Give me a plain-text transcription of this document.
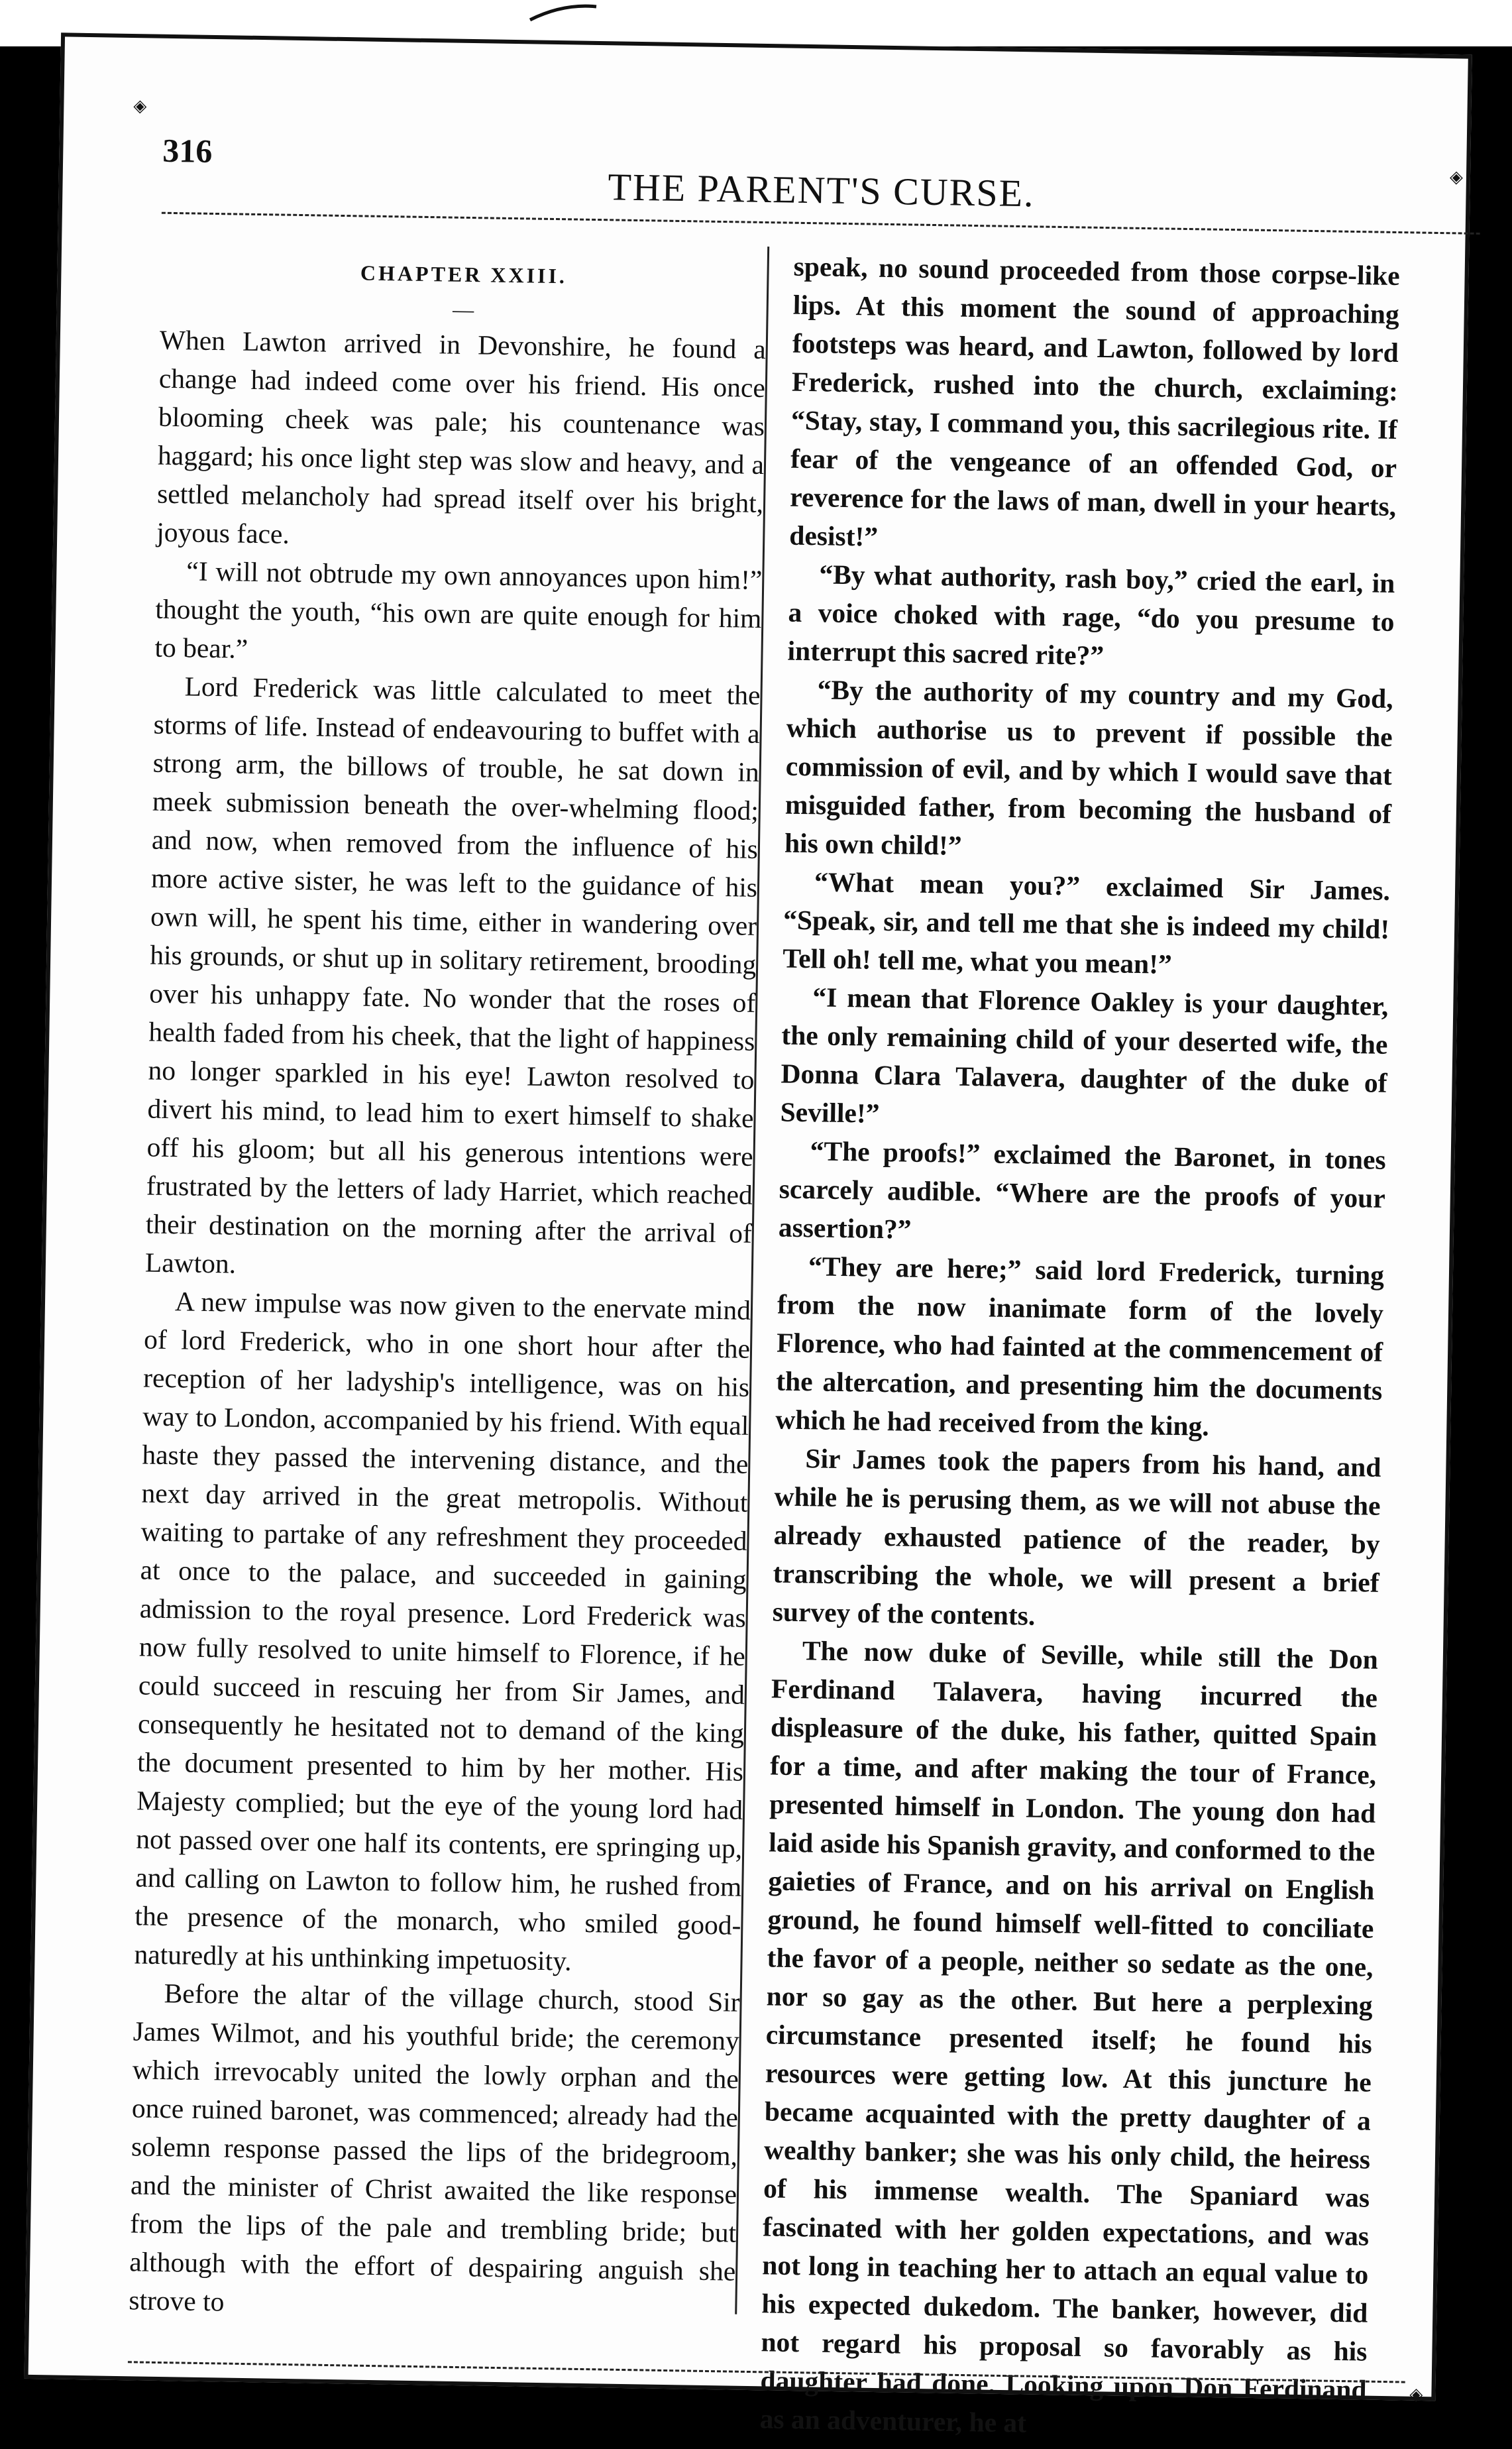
◈
◈
◈
316
THE PARENT'S CURSE.
CHAPTER XXIII.
—

When Lawton arrived in Devonshire, he found a change had indeed come over his friend. His once blooming cheek was pale; his countenance was haggard; his once light step was slow and heavy, and a settled melancholy had spread itself over his bright, joyous face.

“I will not obtrude my own annoyances upon him!” thought the youth, “his own are quite enough for him to bear.”

Lord Frederick was little calculated to meet the storms of life. Instead of endeavouring to buffet with a strong arm, the billows of trouble, he sat down in meek submission beneath the over-whelming flood; and now, when removed from the influence of his more active sister, he was left to the guidance of his own will, he spent his time, either in wandering over his grounds, or shut up in solitary retirement, brooding over his unhappy fate. No wonder that the roses of health faded from his cheek, that the light of happiness no longer sparkled in his eye! Lawton resolved to divert his mind, to lead him to exert himself to shake off his gloom; but all his generous intentions were frustrated by the letters of lady Harriet, which reached their destination on the morning after the arrival of Lawton.

A new impulse was now given to the enervate mind of lord Frederick, who in one short hour after the reception of her ladyship's intelligence, was on his way to London, accompanied by his friend. With equal haste they passed the intervening distance, and the next day arrived in the great metropolis. Without waiting to partake of any refreshment they proceeded at once to the palace, and succeeded in gaining admission to the royal presence. Lord Frederick was now fully resolved to unite himself to Florence, if he could succeed in rescuing her from Sir James, and consequently he hesitated not to demand of the king the document presented to him by her mother. His Majesty complied; but the eye of the young lord had not passed over one half its contents, ere springing up, and calling on Lawton to follow him, he rushed from the presence of the monarch, who smiled good-naturedly at his unthinking impetuosity.

Before the altar of the village church, stood Sir James Wilmot, and his youthful bride; the ceremony which irrevocably united the lowly orphan and the once ruined baronet, was commenced; already had the solemn response passed the lips of the bridegroom, and the minister of Christ awaited the like response from the lips of the pale and trembling bride; but although with the effort of despairing anguish she strove to

speak, no sound proceeded from those corpse-like lips. At this moment the sound of approaching footsteps was heard, and Lawton, followed by lord Frederick, rushed into the church, exclaiming: “Stay, stay, I command you, this sacrilegious rite. If fear of the vengeance of an offended God, or reverence for the laws of man, dwell in your hearts, desist!”

“By what authority, rash boy,” cried the earl, in a voice choked with rage, “do you presume to interrupt this sacred rite?”

“By the authority of my country and my God, which authorise us to prevent if possible the commission of evil, and by which I would save that misguided father, from becoming the husband of his own child!”

“What mean you?” exclaimed Sir James. “Speak, sir, and tell me that she is indeed my child! Tell oh! tell me, what you mean!”

“I mean that Florence Oakley is your daughter, the only remaining child of your deserted wife, the Donna Clara Talavera, daughter of the duke of Seville!”

“The proofs!” exclaimed the Baronet, in tones scarcely audible. “Where are the proofs of your assertion?”

“They are here;” said lord Frederick, turning from the now inanimate form of the lovely Florence, who had fainted at the commencement of the altercation, and presenting him the documents which he had received from the king.

Sir James took the papers from his hand, and while he is perusing them, as we will not abuse the already exhausted patience of the reader, by transcribing the whole, we will present a brief survey of the contents.

The now duke of Seville, while still the Don Ferdinand Talavera, having incurred the displeasure of the duke, his father, quitted Spain for a time, and after making the tour of France, presented himself in London. The young don had laid aside his Spanish gravity, and conformed to the gaieties of France, and on his arrival on English ground, he found himself well-fitted to conciliate the favor of a people, neither so sedate as the one, nor so gay as the other. But here a perplexing circumstance presented itself; he found his resources were getting low. At this juncture he became acquainted with the pretty daughter of a wealthy banker; she was his only child, the heiress of his immense wealth. The Spaniard was fascinated with her golden expectations, and was not long in teaching her to attach an equal value to his expected dukedom. The banker, however, did not regard his proposal so favorably as his daughter had done. Looking upon Don Ferdinand as an adventurer, he at
